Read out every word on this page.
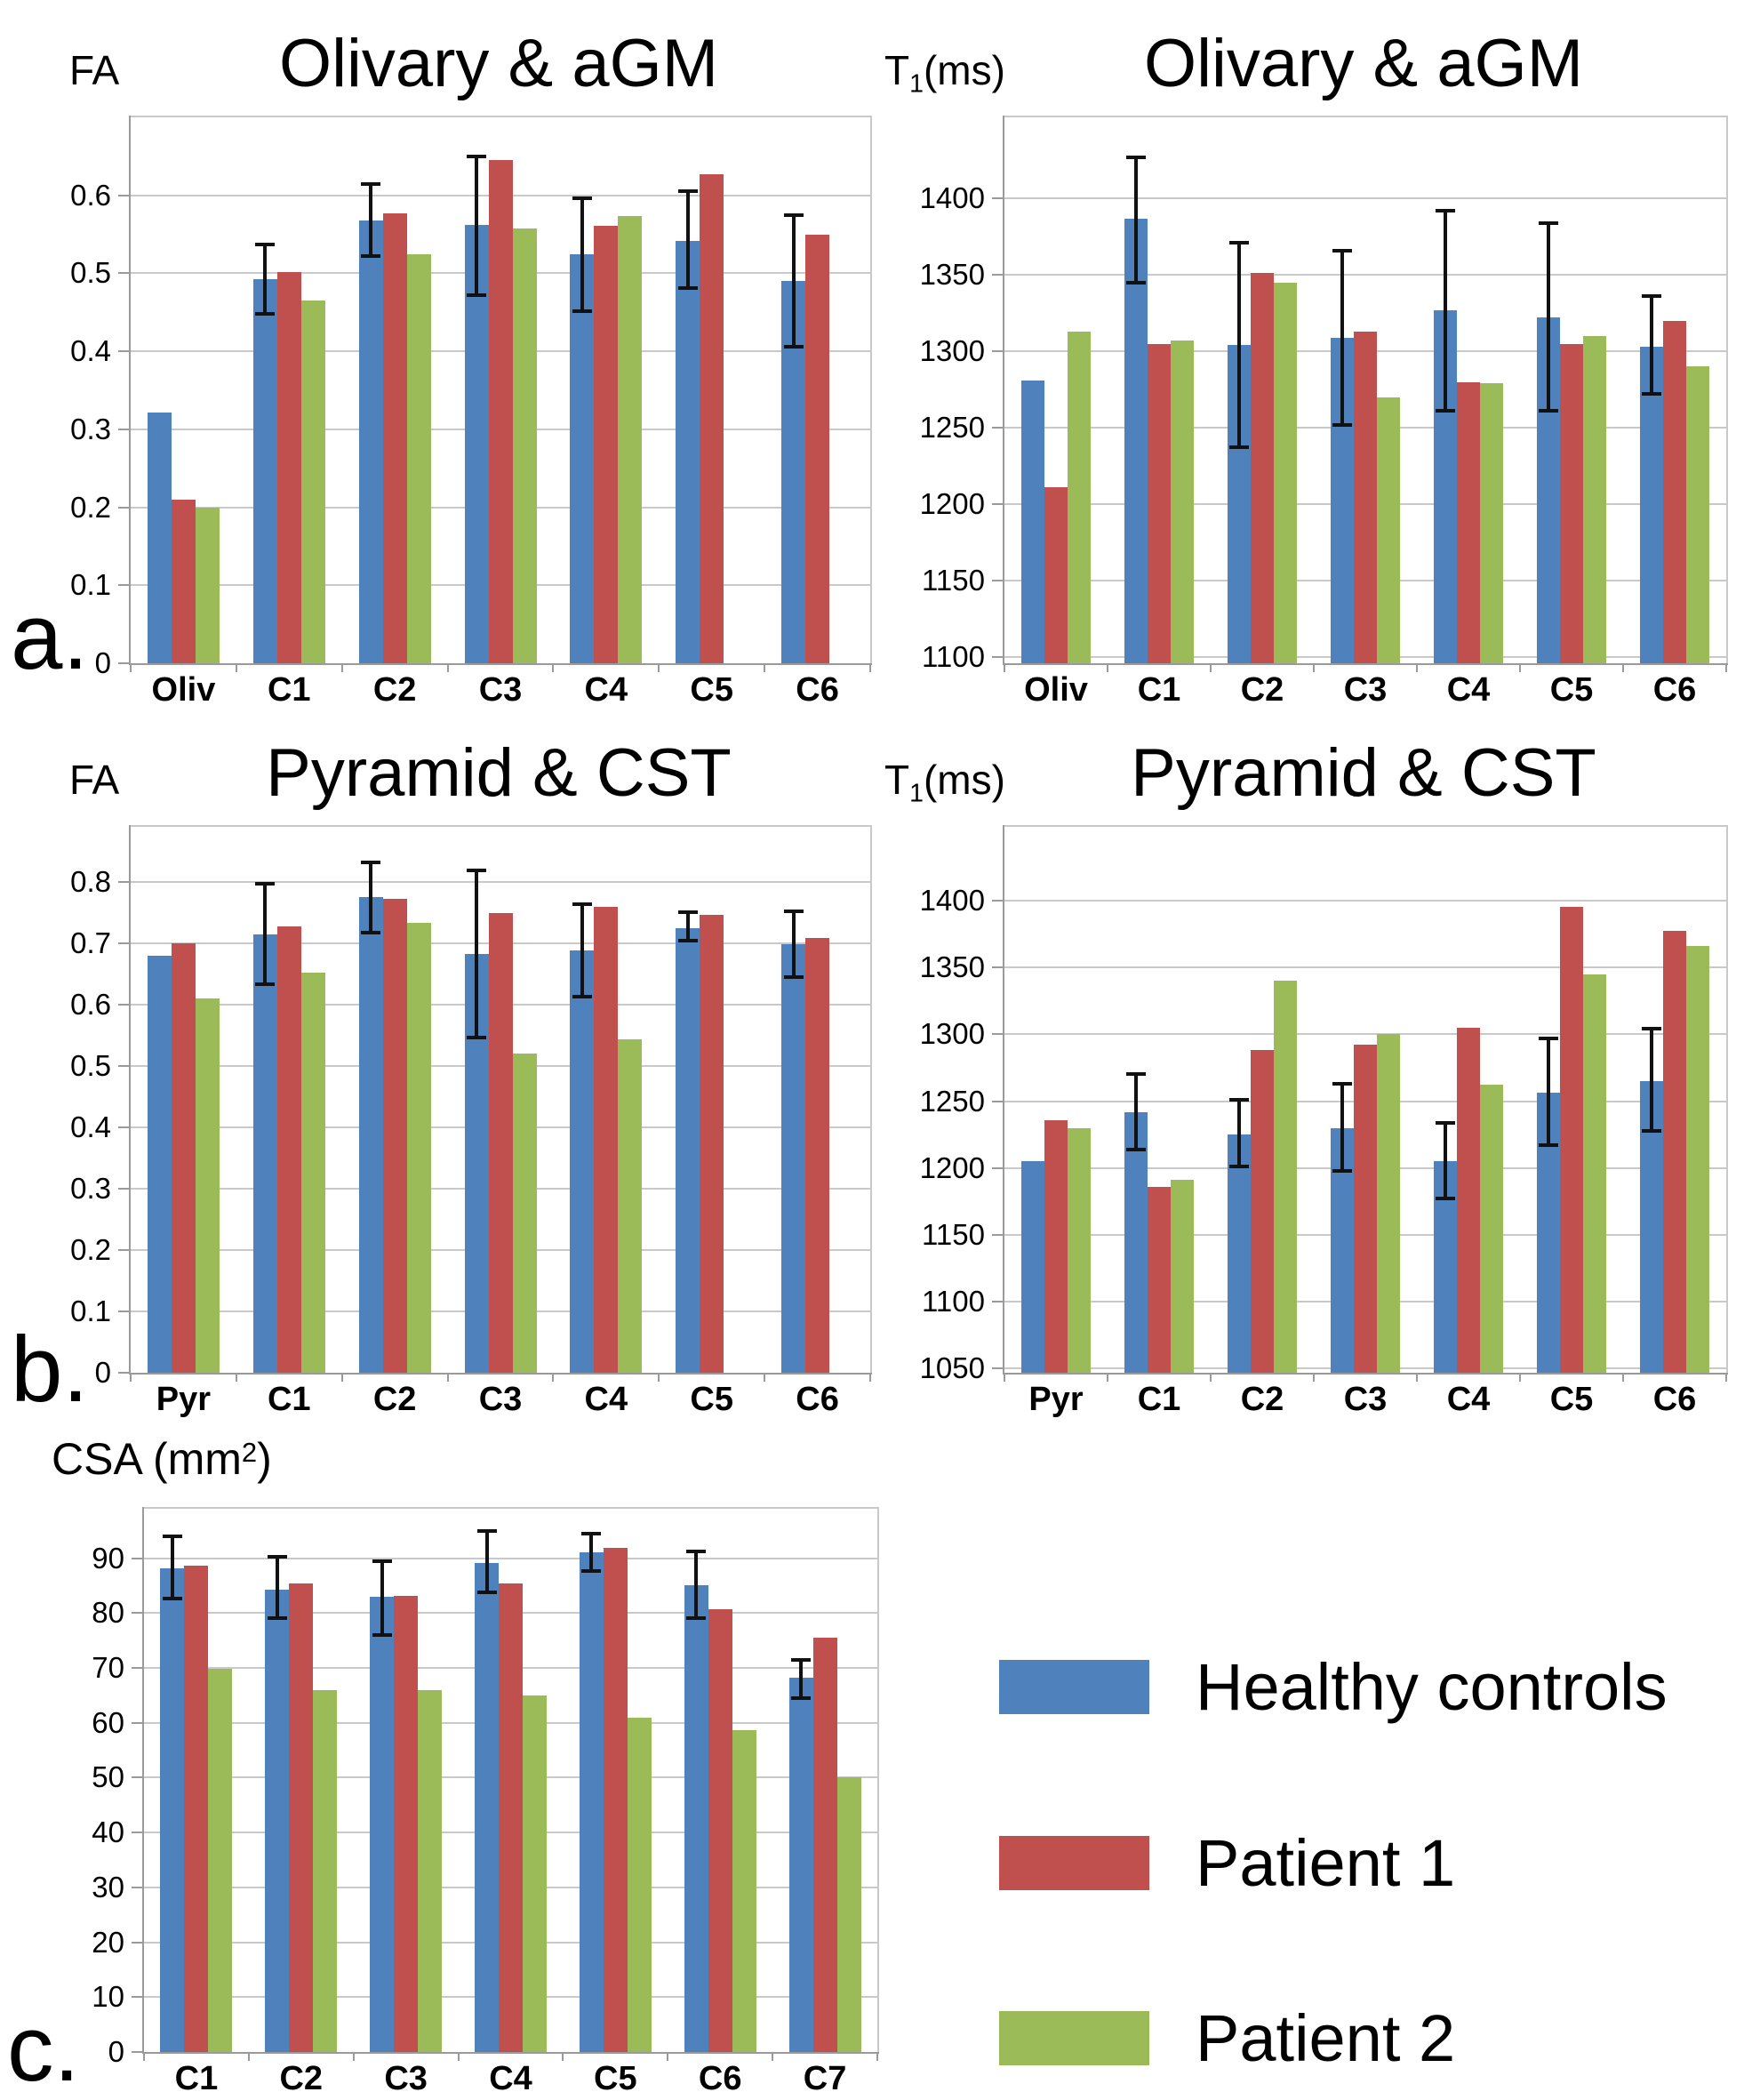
Olivary & aGM	Olivary & aGM
Pyramid & CST	Pyramid & CST
FA	$T_1(ms)$
FA	$T_1(ms)$
CSA $(mm^2)$
0
0.1
0.2
0.3
0.4
0.5
0.6
Oliv	C1	C2	C3	C4	C5	C6
1100
1150
1200
1250
1300
1350
1400
Oliv	C1	C2	C3	C4	C5	C6
0
0.1
0.2
0.3
0.4
0.5
0.6
0.7
0.8
Pyr	C1	C2	C3	C4	C5	C6
1050
1100
1150
1200
1250
1300
1350
1400
Pyr	C1	C2	C3	C4	C5	C6
0
10
20
30
40
50
60
70
80
90
C1	C2	C3	C4	C5	C6	C7
a.
b.
c.
Healthy controls
Patient 1
Patient 2
